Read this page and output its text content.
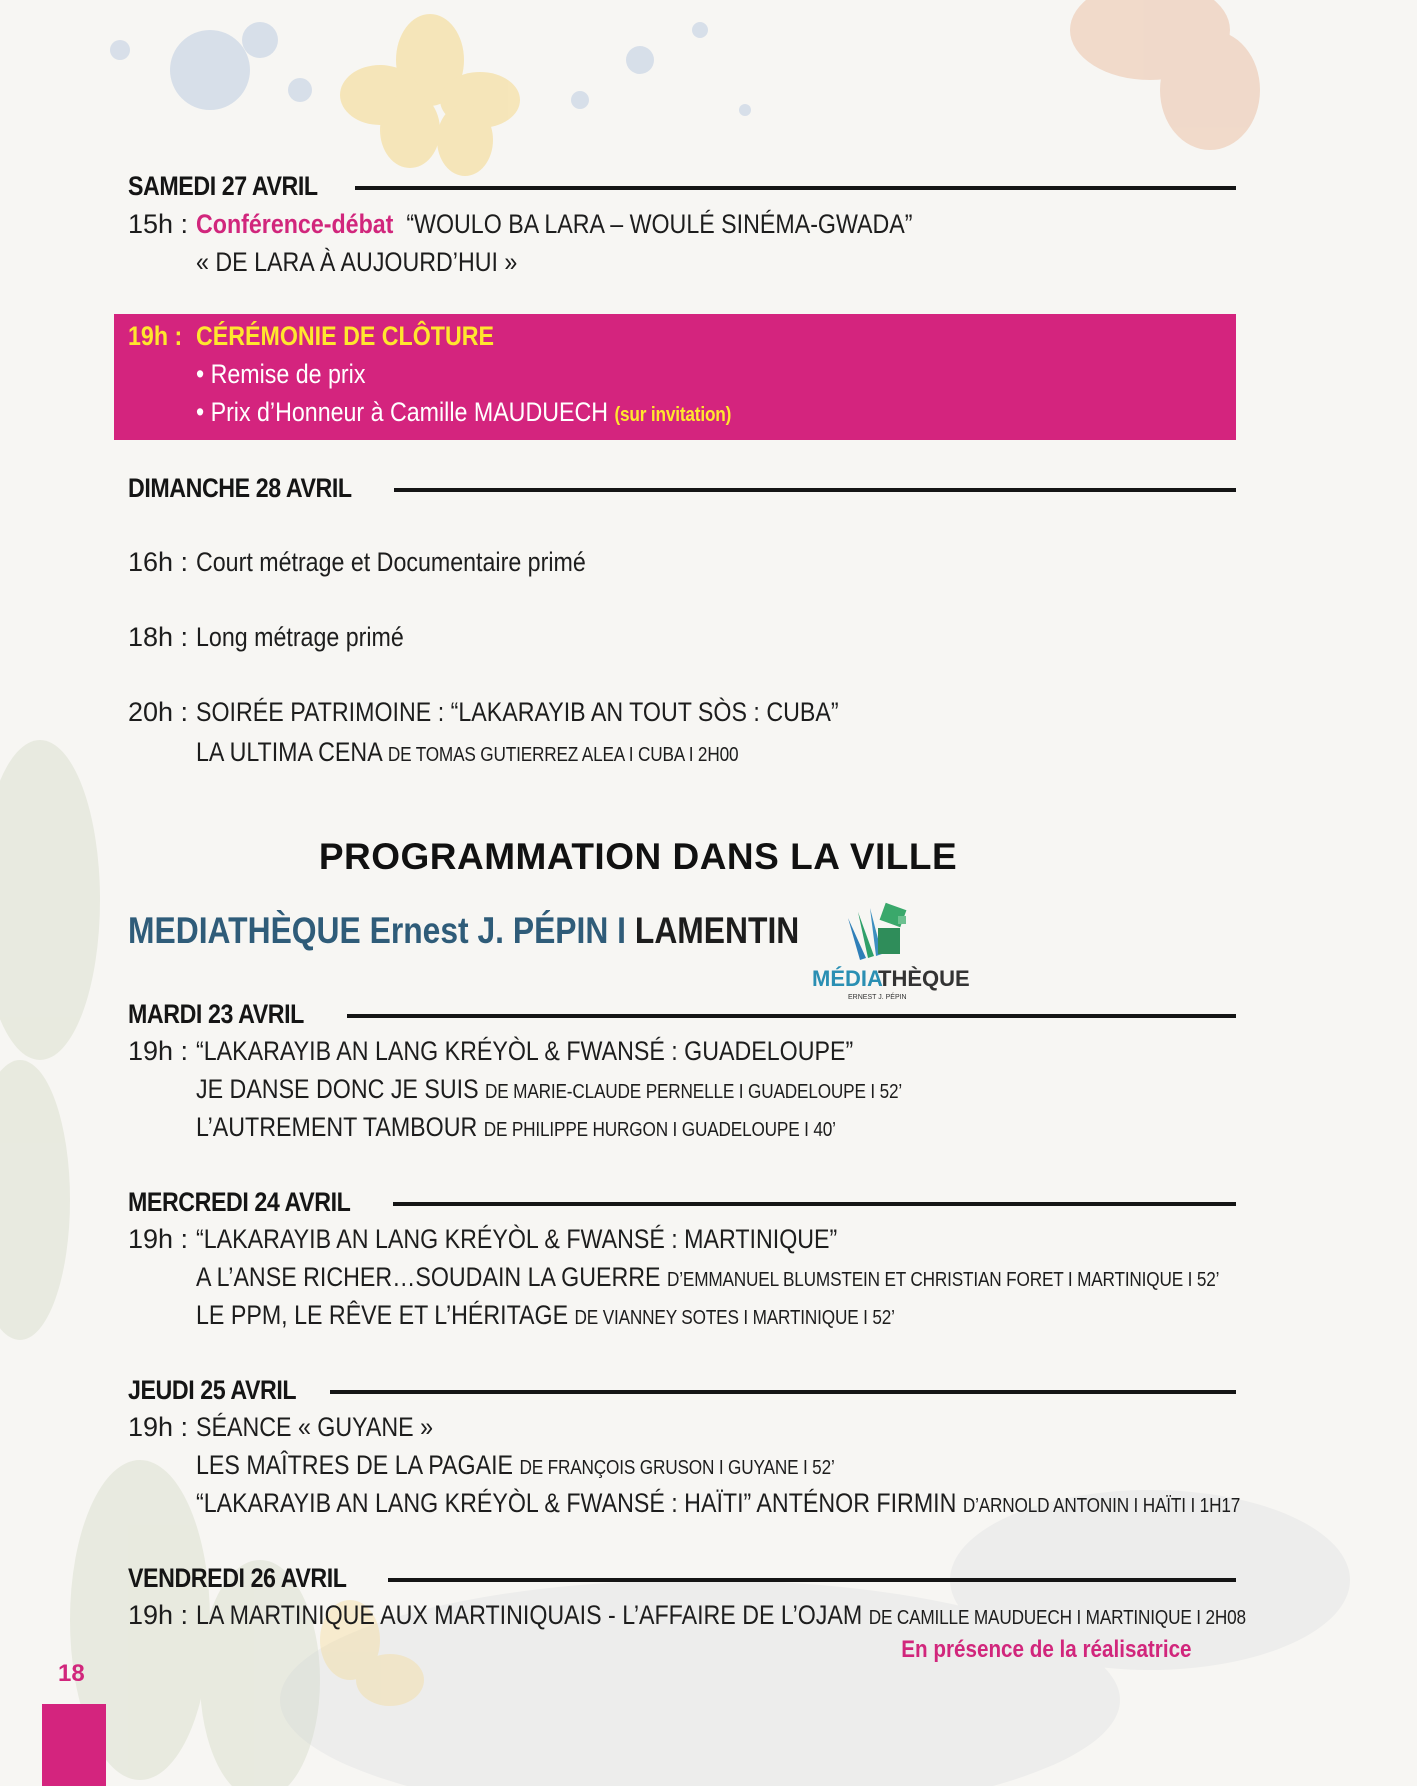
SAMEDI 27 AVRIL
15h : Conférence-débat “WOULO BA LARA – WOULÉ SINÉMA-GWADA”
« DE LARA À AUJOURD’HUI »
19h : CÉRÉMONIE DE CLÔTURE
• Remise de prix
• Prix d’Honneur à Camille MAUDUECH (sur invitation)
DIMANCHE 28 AVRIL
16h : Court métrage et Documentaire primé
18h : Long métrage primé
20h : SOIRÉE PATRIMOINE : “LAKARAYIB AN TOUT SÒS : CUBA”
LA ULTIMA CENA DE TOMAS GUTIERREZ ALEA I CUBA I 2H00
PROGRAMMATION DANS LA VILLE
MEDIATHÈQUE Ernest J. PÉPIN I LAMENTIN
MÉDIA
THÈQUE
ERNEST J. PÉPIN
MARDI 23 AVRIL
19h : “LAKARAYIB AN LANG KRÉYÒL & FWANSÉ : GUADELOUPE”
JE DANSE DONC JE SUIS DE MARIE-CLAUDE PERNELLE I GUADELOUPE I 52’
L’AUTREMENT TAMBOUR DE PHILIPPE HURGON I GUADELOUPE I 40’
MERCREDI 24 AVRIL
19h : “LAKARAYIB AN LANG KRÉYÒL & FWANSÉ : MARTINIQUE”
A L’ANSE RICHER…SOUDAIN LA GUERRE D’EMMANUEL BLUMSTEIN ET CHRISTIAN FORET I MARTINIQUE I 52’
LE PPM, LE RÊVE ET L’HÉRITAGE DE VIANNEY SOTES I MARTINIQUE I 52’
JEUDI 25 AVRIL
19h : SÉANCE « GUYANE »
LES MAÎTRES DE LA PAGAIE DE FRANÇOIS GRUSON I GUYANE I 52’
“LAKARAYIB AN LANG KRÉYÒL & FWANSÉ : HAÏTI” ANTÉNOR FIRMIN D’ARNOLD ANTONIN I HAÏTI I 1H17
VENDREDI 26 AVRIL
19h : LA MARTINIQUE AUX MARTINIQUAIS - L’AFFAIRE DE L’OJAM DE CAMILLE MAUDUECH I MARTINIQUE I 2H08
En présence de la réalisatrice
18
